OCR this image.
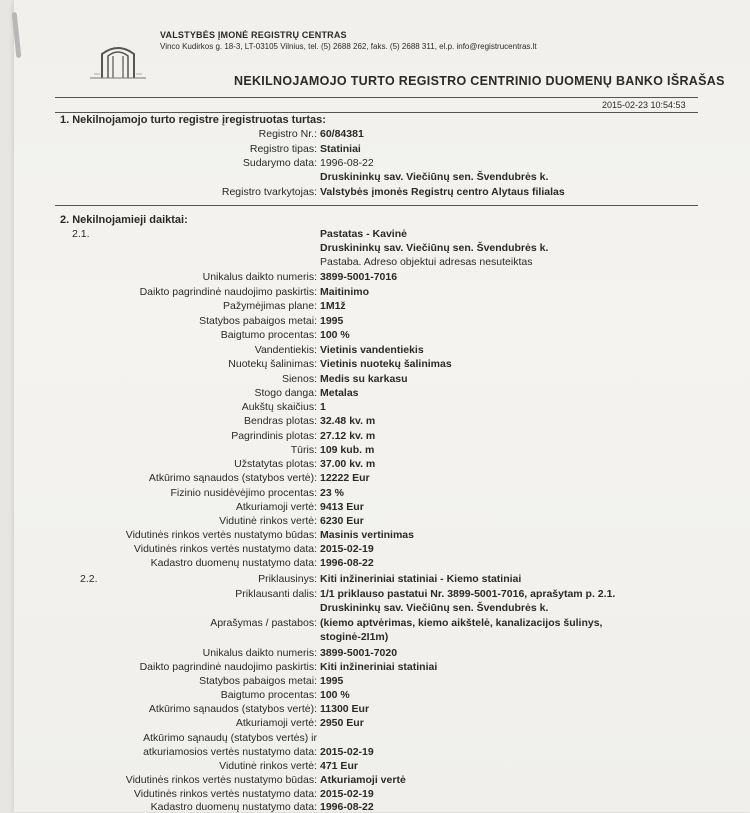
VALSTYBĖS ĮMONĖ REGISTRŲ CENTRAS
Vinco Kudirkos g. 18-3, LT-03105 Vilnius, tel. (5) 2688 262, faks. (5) 2688 311, el.p. info@registrucentras.lt
NEKILNOJAMOJO TURTO REGISTRO CENTRINIO DUOMENŲ BANKO IŠRAŠAS
2015-02-23 10:54:53
1. Nekilnojamojo turto registre įregistruotas turtas:
Registro Nr.: 60/84381
Registro tipas: Statiniai
Sudarymo data: 1996-08-22
Druskininkų sav. Viečiūnų sen. Švendubrės k.
Registro tvarkytojas: Valstybės įmonės Registrų centro Alytaus filialas
2. Nekilnojamieji daiktai:
2.1.	Pastatas - Kavinė
Druskininkų sav. Viečiūnų sen. Švendubrės k.
Pastaba. Adreso objektui adresas nesuteiktas
Unikalus daikto numeris: 3899-5001-7016
Daikto pagrindinė naudojimo paskirtis: Maitinimo
Pažymėjimas plane: 1M1ž
Statybos pabaigos metai: 1995
Baigtumo procentas: 100 %
Vandentiekis: Vietinis vandentiekis
Nuotekų šalinimas: Vietinis nuotekų šalinimas
Sienos: Medis su karkasu
Stogo danga: Metalas
Aukštų skaičius: 1
Bendras plotas: 32.48 kv. m
Pagrindinis plotas: 27.12 kv. m
Tūris: 109 kub. m
Užstatytas plotas: 37.00 kv. m
Atkūrimo sąnaudos (statybos vertė): 12222 Eur
Fizinio nusidėvėjimo procentas: 23 %
Atkuriamoji vertė: 9413 Eur
Vidutinė rinkos vertė: 6230 Eur
Vidutinės rinkos vertės nustatymo būdas: Masinis vertinimas
Vidutinės rinkos vertės nustatymo data: 2015-02-19
Kadastro duomenų nustatymo data: 1996-08-22
2.2.	Priklausinys: Kiti inžineriniai statiniai - Kiemo statiniai
Priklausanti dalis: 1/1 priklauso pastatui Nr. 3899-5001-7016, aprašytam p. 2.1.
Druskininkų sav. Viečiūnų sen. Švendubrės k.
Aprašymas / pastabos: (kiemo aptvėrimas, kiemo aikštelė, kanalizacijos šulinys,
stoginė-2I1m)
Unikalus daikto numeris: 3899-5001-7020
Daikto pagrindinė naudojimo paskirtis: Kiti inžineriniai statiniai
Statybos pabaigos metai: 1995
Baigtumo procentas: 100 %
Atkūrimo sąnaudos (statybos vertė): 11300 Eur
Atkuriamoji vertė: 2950 Eur
Atkūrimo sąnaudų (statybos vertės) ir
atkuriamosios vertės nustatymo data: 2015-02-19
Vidutinė rinkos vertė: 471 Eur
Vidutinės rinkos vertės nustatymo būdas: Atkuriamoji vertė
Vidutinės rinkos vertės nustatymo data: 2015-02-19
Kadastro duomenų nustatymo data: 1996-08-22
